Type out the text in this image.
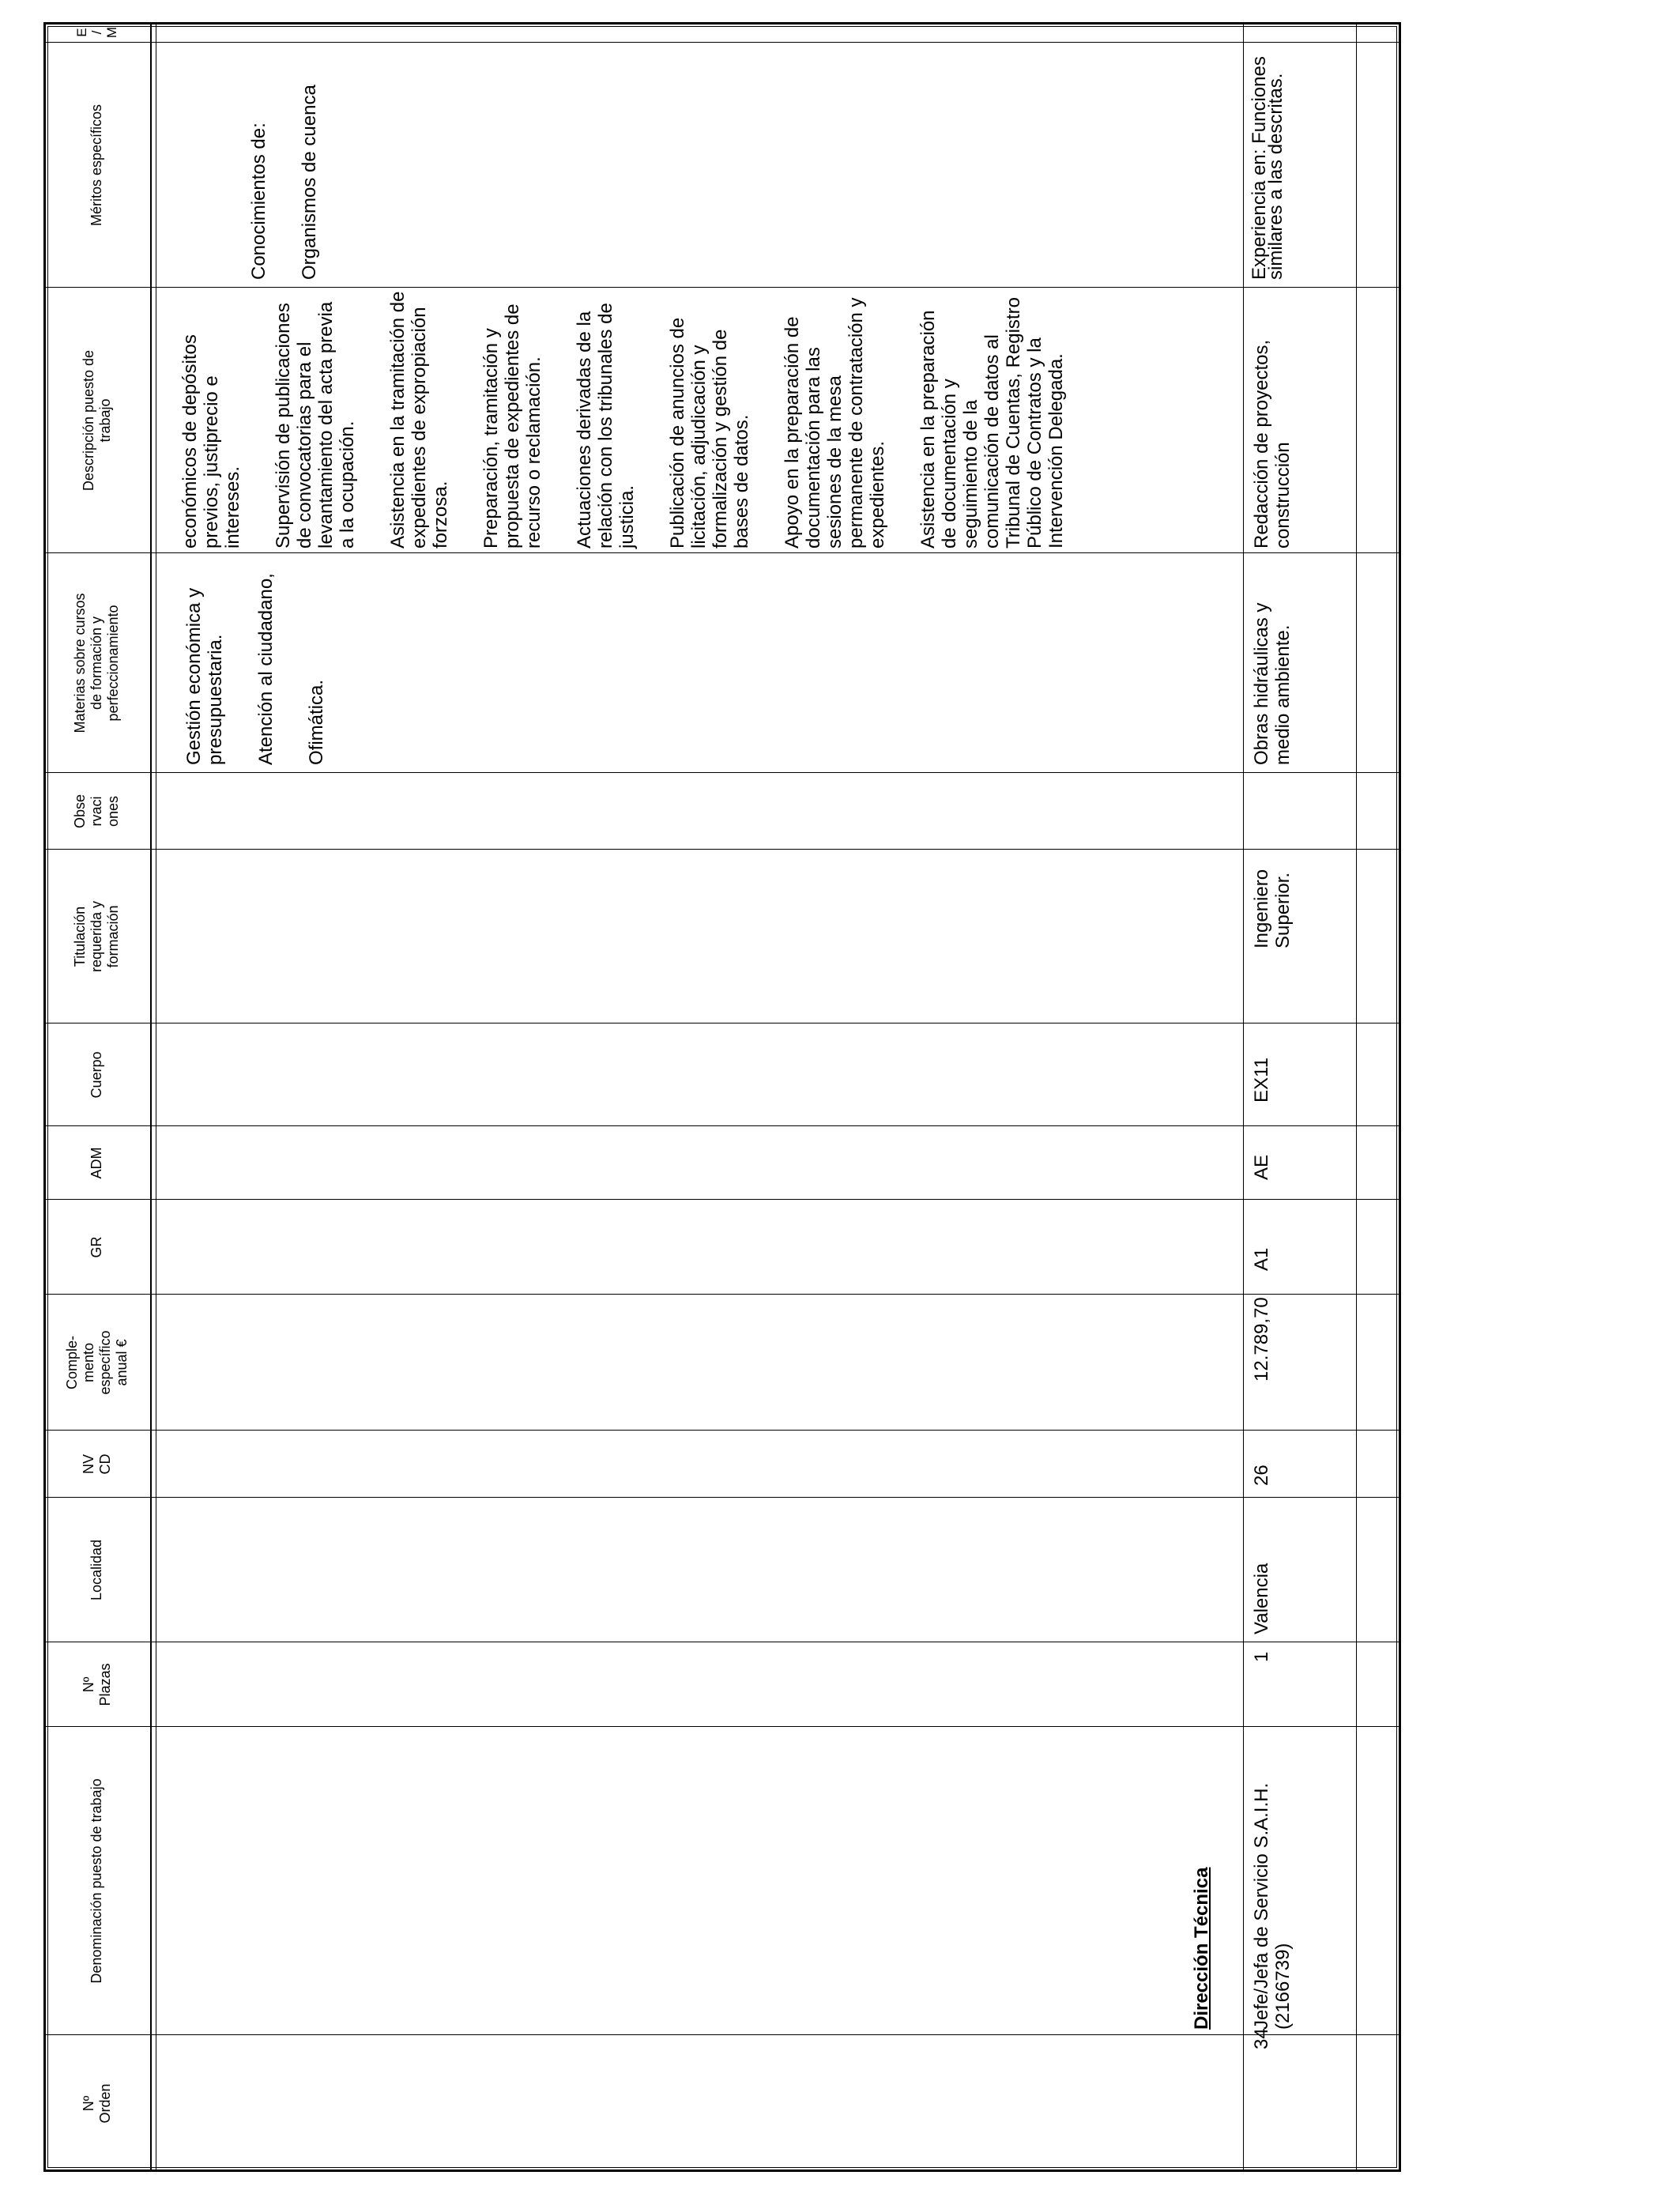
Nº
Orden
Denominación puesto de trabajo
Nº
Plazas
Localidad
NV
CD
Comple-
mento
específico
anual €
GR
ADM
Cuerpo
Titulación
requerida y
formación
Obse
rvaci
ones
Materias sobre cursos
de formación y
perfeccionamiento
Descripción puesto de
trabajo
Méritos específicos
E
/
M

Gestión económica y presupuestaria. Atención al ciudadano, Ofimática.

económicos de depósitos previos, justiprecio e intereses. Supervisión de publicaciones de convocatorias para el levantamiento del acta previa a la ocupación. Asistencia en la tramitación de expedientes de expropiación forzosa. Preparación, tramitación y propuesta de expedientes de recurso o reclamación. Actuaciones derivadas de la relación con los tribunales de justicia. Publicación de anuncios de licitación, adjudicación y formalización y gestión de bases de datos. Apoyo en la preparación de documentación para las sesiones de la mesa permanente de contratación y expedientes. Asistencia en la preparación de documentación y seguimiento de la comunicación de datos al Tribunal de Cuentas, Registro Público de Contratos y la Intervención Delegada.

Conocimientos de: Organismos de cuenca

Dirección Técnica
34
Jefe/Jefa de Servicio S.A.I.H. (2166739)
1
Valencia
26
12.789,70
A1
AE
EX11
Ingeniero Superior.
Obras hidráulicas y medio ambiente.
Redacción de proyectos, construcción
Experiencia en: Funciones similares a las descritas.
